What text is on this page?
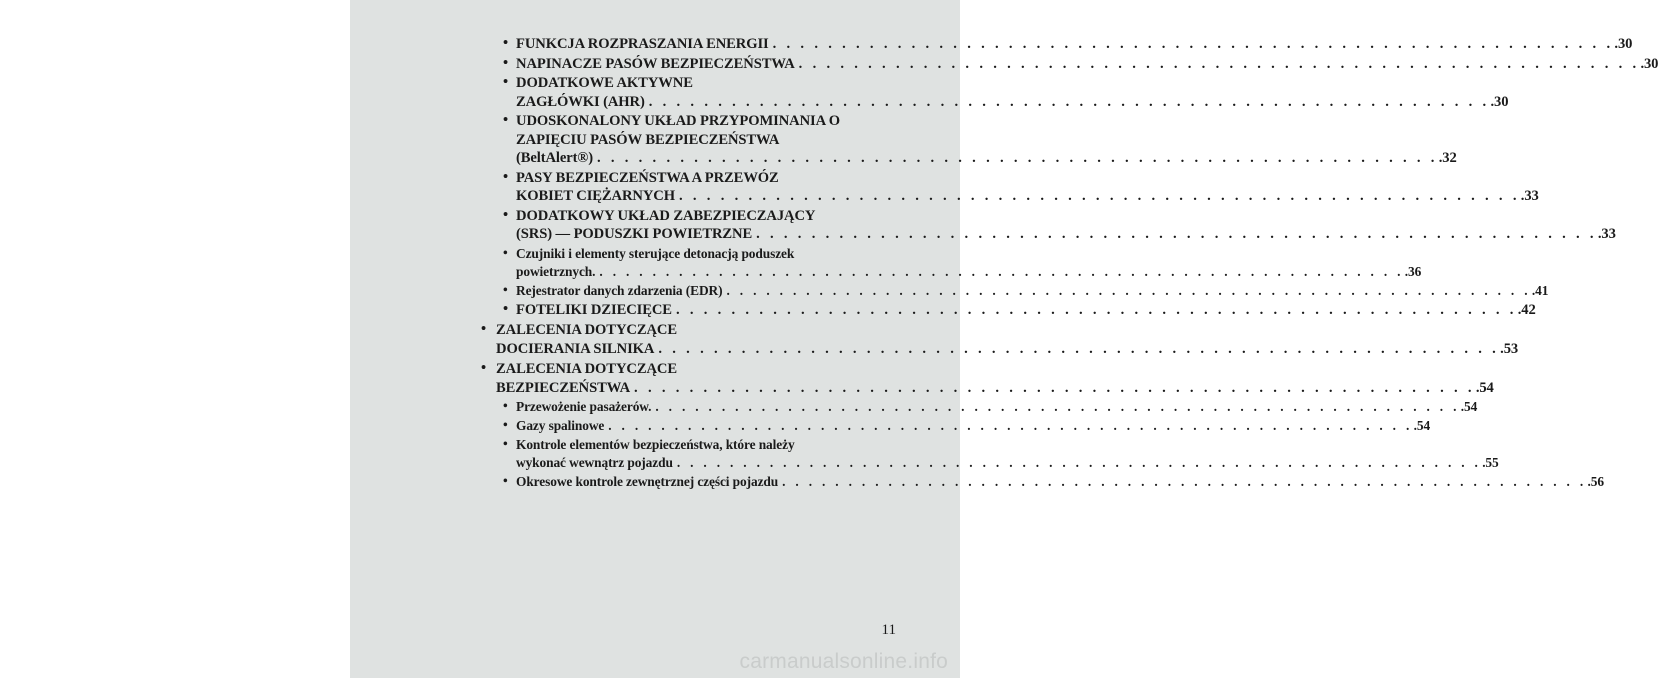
• FUNKCJA ROZPRASZANIA ENERGII . . . . . . . . . . . . . . . . . . . . . . . . . . . . . . . . . . . . . . . . . . . . . . . . . . . . . . . . . . . . . .30
• NAPINACZE PASÓW BEZPIECZEŃSTWA . . . . . . . . . . . . . . . . . . . . . . . . . . . . . . . . . . . . . . . . . . . . . . . . . . . . . . . . . . . . . .30
• DODATKOWE AKTYWNE
ZAGŁÓWKI (AHR) . . . . . . . . . . . . . . . . . . . . . . . . . . . . . . . . . . . . . . . . . . . . . . . . . . . . . . . . . . . . . .30
• UDOSKONALONY UKŁAD PRZYPOMINANIA O
ZAPIĘCIU PASÓW BEZPIECZEŃSTWA
(BeltAlert®) . . . . . . . . . . . . . . . . . . . . . . . . . . . . . . . . . . . . . . . . . . . . . . . . . . . . . . . . . . . . . .32
• PASY BEZPIECZEŃSTWA A PRZEWÓZ
KOBIET CIĘŻARNYCH . . . . . . . . . . . . . . . . . . . . . . . . . . . . . . . . . . . . . . . . . . . . . . . . . . . . . . . . . . . . . .33
• DODATKOWY UKŁAD ZABEZPIECZAJĄCY
(SRS) — PODUSZKI POWIETRZNE . . . . . . . . . . . . . . . . . . . . . . . . . . . . . . . . . . . . . . . . . . . . . . . . . . . . . . . . . . . . . .33
• Czujniki i elementy sterujące detonacją poduszek
powietrznych. . . . . . . . . . . . . . . . . . . . . . . . . . . . . . . . . . . . . . . . . . . . . . . . . . . . . . . . . . . . . . .36
• Rejestrator danych zdarzenia (EDR) . . . . . . . . . . . . . . . . . . . . . . . . . . . . . . . . . . . . . . . . . . . . . . . . . . . . . . . . . . . . . .41
• FOTELIKI DZIECIĘCE . . . . . . . . . . . . . . . . . . . . . . . . . . . . . . . . . . . . . . . . . . . . . . . . . . . . . . . . . . . . . .42
• ZALECENIA DOTYCZĄCE
DOCIERANIA SILNIKA . . . . . . . . . . . . . . . . . . . . . . . . . . . . . . . . . . . . . . . . . . . . . . . . . . . . . . . . . . . . . .53
• ZALECENIA DOTYCZĄCE
BEZPIECZEŃSTWA . . . . . . . . . . . . . . . . . . . . . . . . . . . . . . . . . . . . . . . . . . . . . . . . . . . . . . . . . . . . . .54
• Przewożenie pasażerów. . . . . . . . . . . . . . . . . . . . . . . . . . . . . . . . . . . . . . . . . . . . . . . . . . . . . . . . . . . . . . .54
• Gazy spalinowe . . . . . . . . . . . . . . . . . . . . . . . . . . . . . . . . . . . . . . . . . . . . . . . . . . . . . . . . . . . . . .54
• Kontrole elementów bezpieczeństwa, które należy
wykonać wewnątrz pojazdu . . . . . . . . . . . . . . . . . . . . . . . . . . . . . . . . . . . . . . . . . . . . . . . . . . . . . . . . . . . . . .55
• Okresowe kontrole zewnętrznej części pojazdu . . . . . . . . . . . . . . . . . . . . . . . . . . . . . . . . . . . . . . . . . . . . . . . . . . . . . . . . . . . . . .56
11
carmanualsonline.info
